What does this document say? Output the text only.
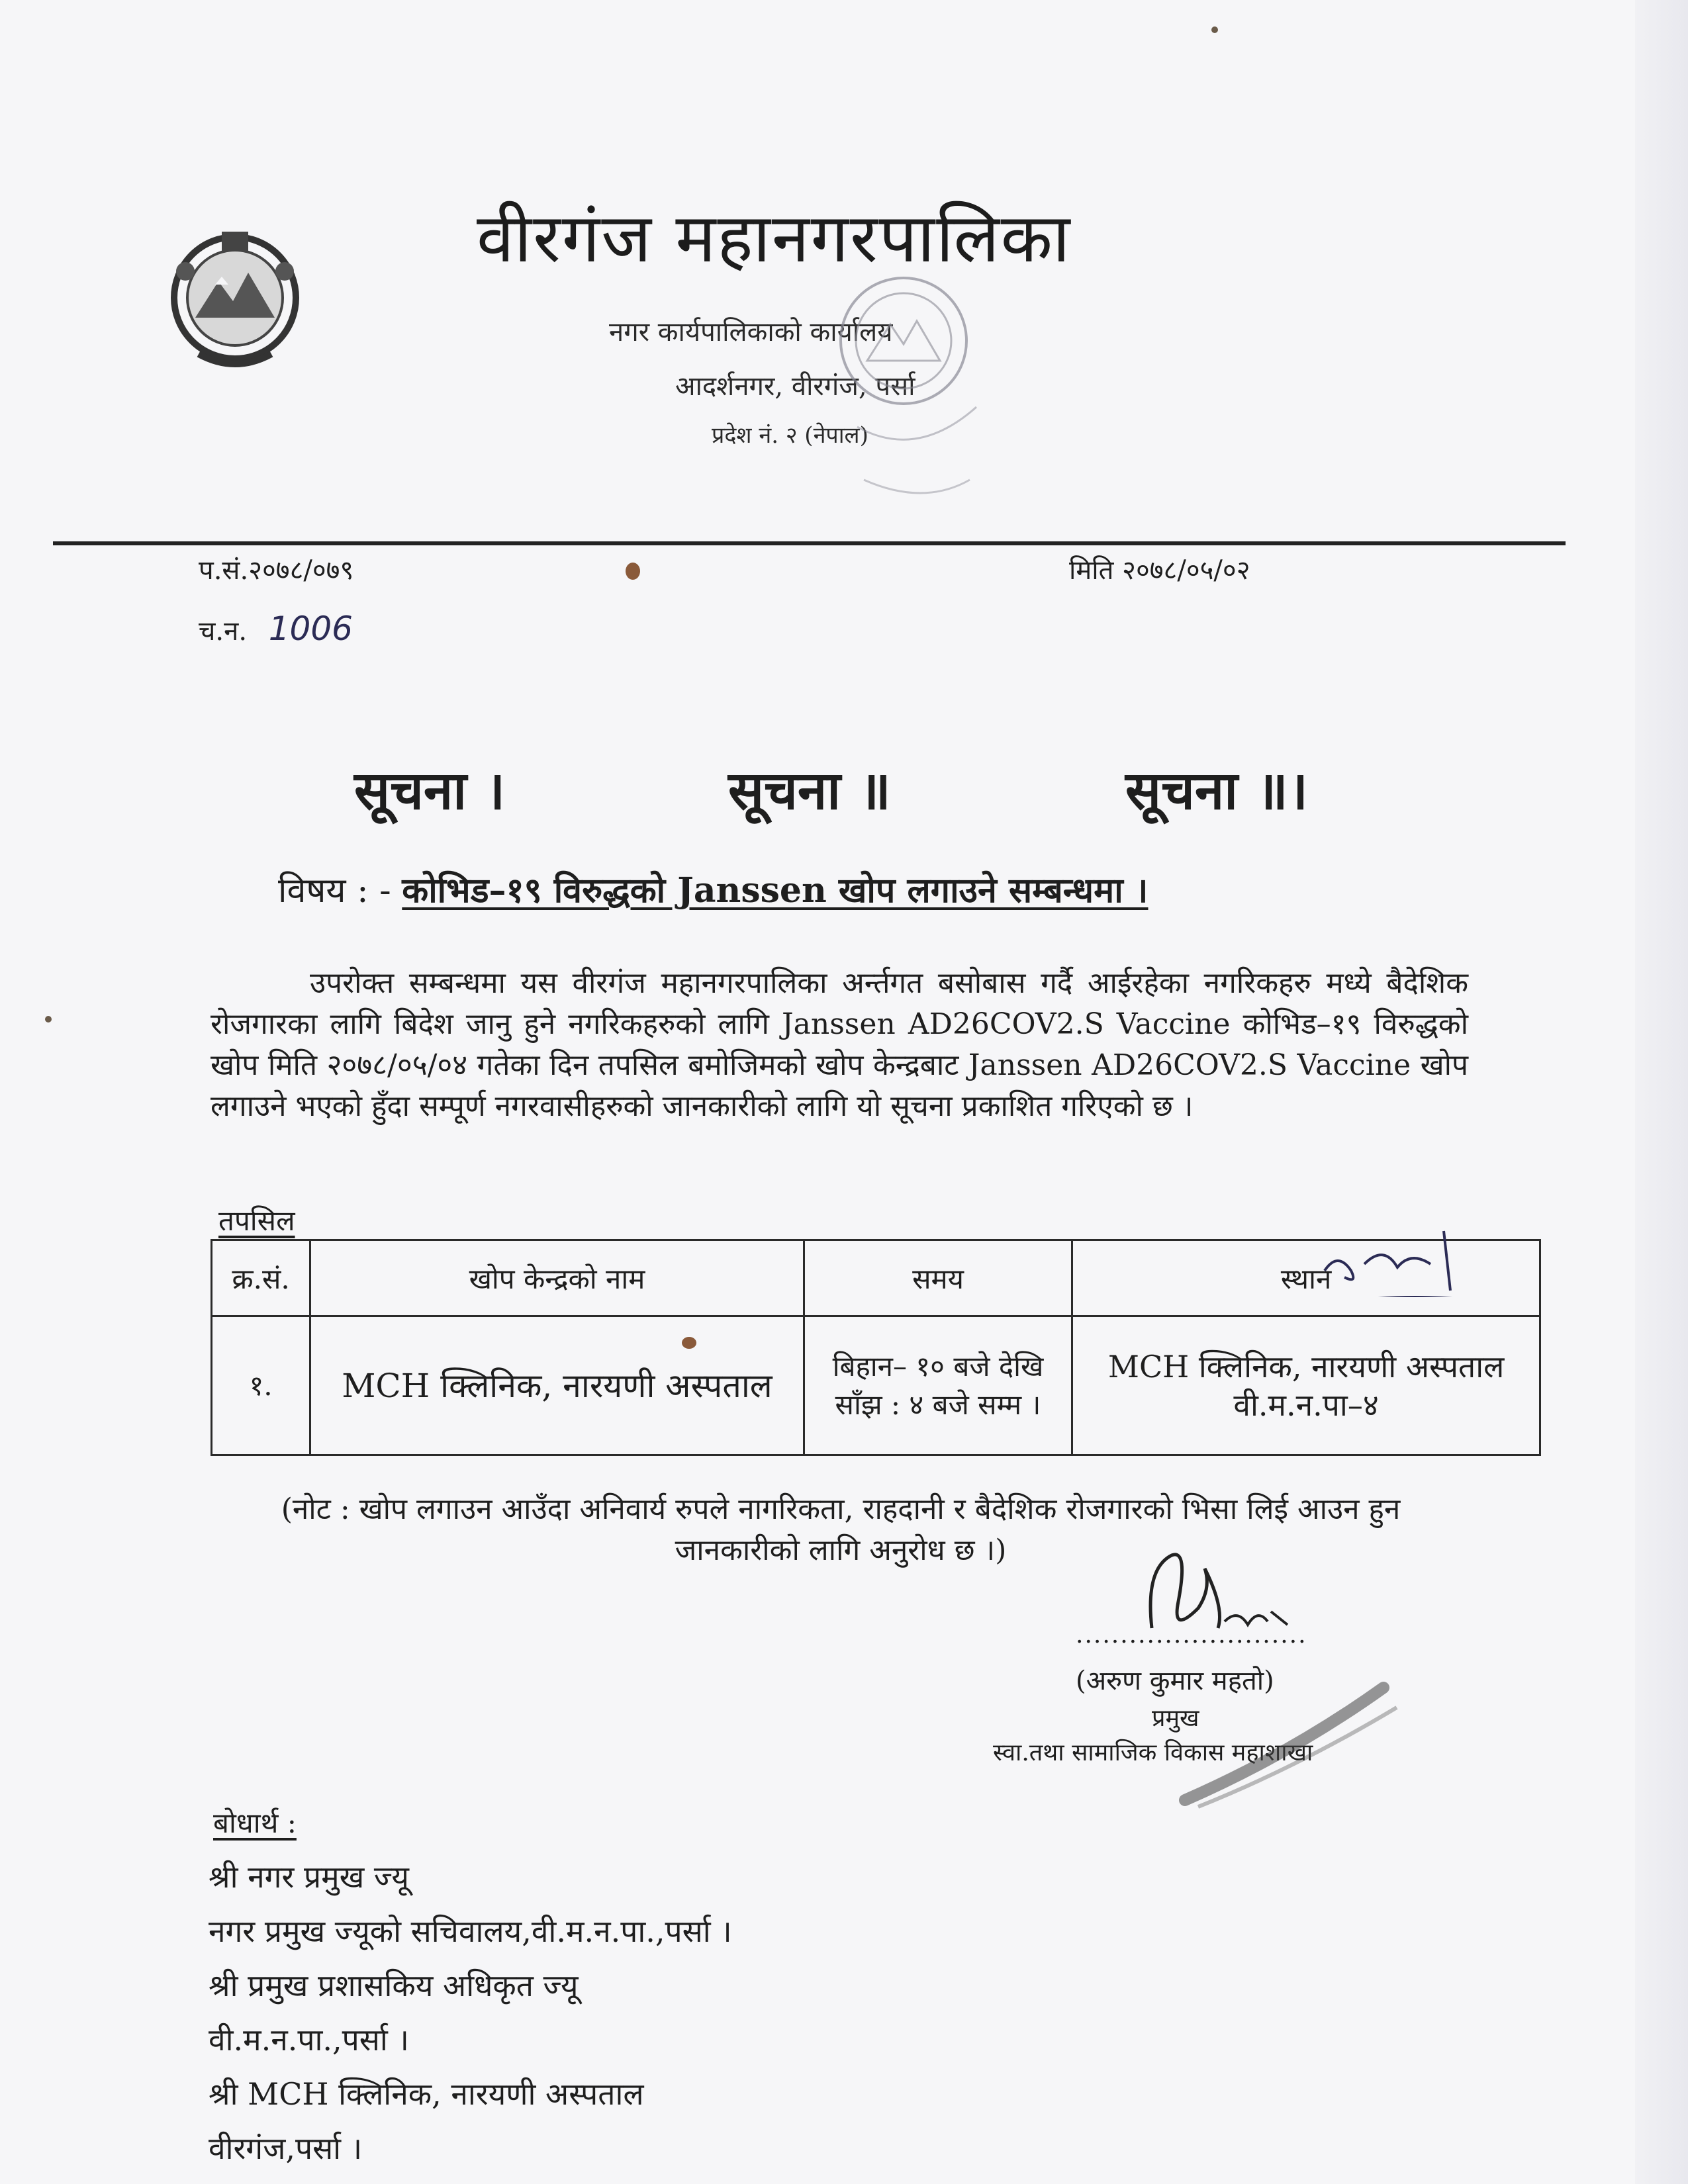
वीरगंज महानगरपालिका
नगर कार्यपालिकाको कार्यालय
आदर्शनगर, वीरगंज, पर्सा
प्रदेश नं. २ (नेपाल)
प.सं.२०७८/०७९
च.न. 1006
मिति २०७८/०५/०२
सूचना ।	सूचना ॥	सूचना ॥।
विषय : - कोभिड–१९ विरुद्धको Janssen खोप लगाउने सम्बन्धमा ।
उपरोक्त सम्बन्धमा यस वीरगंज महानगरपालिका अर्न्तगत बसोबास गर्दै आईरहेका नगरिकहरु मध्ये बैदेशिक रोजगारका लागि बिदेश जानु हुने नगरिकहरुको लागि Janssen AD26COV2.S Vaccine कोभिड–१९ विरुद्धको खोप मिति २०७८/०५/०४ गतेका दिन तपसिल बमोजिमको खोप केन्द्रबाट Janssen AD26COV2.S Vaccine खोप लगाउने भएको हुँदा सम्पूर्ण नगरवासीहरुको जानकारीको लागि यो सूचना प्रकाशित गरिएको छ ।
तपसिल
क्र.सं.	खोप केन्द्रको नाम	समय	स्थान

१.	MCH क्लिनिक, नारयणी अस्पताल	बिहान– १० बजे देखि साँझ : ४ बजे सम्म ।	MCH क्लिनिक, नारयणी अस्पताल वी.म.न.पा–४
(नोट : खोप लगाउन आउँदा अनिवार्य रुपले नागरिकता, राहदानी र बैदेशिक रोजगारको भिसा लिई आउन हुन जानकारीको लागि अनुरोध छ ।)
..........................
(अरुण कुमार महतो)
प्रमुख
स्वा.तथा सामाजिक विकास महाशाखा
बोधार्थ :
श्री नगर प्रमुख ज्यू
नगर प्रमुख ज्यूको सचिवालय,वी.म.न.पा.,पर्सा ।
श्री प्रमुख प्रशासकिय अधिकृत ज्यू
वी.म.न.पा.,पर्सा ।
श्री MCH क्लिनिक, नारयणी अस्पताल
वीरगंज,पर्सा ।
